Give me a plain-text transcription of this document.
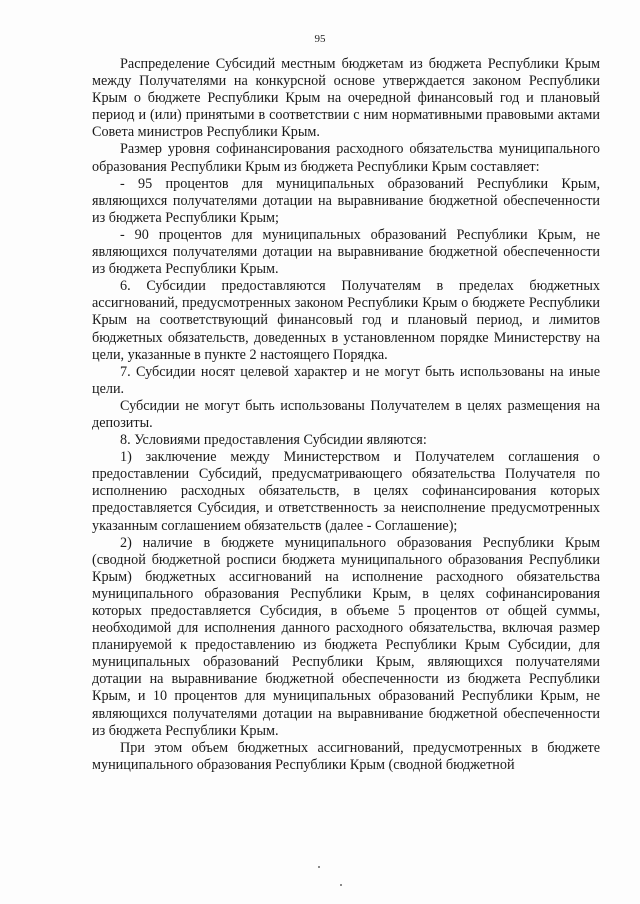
95

Распределение Субсидий местным бюджетам из бюджета Республики Крым между Получателями на конкурсной основе утверждается законом Республики Крым о бюджете Республики Крым на очередной финансовый год и плановый период и (или) принятыми в соответствии с ним нормативными правовыми актами Совета министров Республики Крым.

Размер уровня софинансирования расходного обязательства муниципального образования Республики Крым из бюджета Республики Крым составляет:

- 95 процентов для муниципальных образований Республики Крым, являющихся получателями дотации на выравнивание бюджетной обеспеченности из бюджета Республики Крым;

- 90 процентов для муниципальных образований Республики Крым, не являющихся получателями дотации на выравнивание бюджетной обеспеченности из бюджета Республики Крым.

6. Субсидии предоставляются Получателям в пределах бюджетных ассигнований, предусмотренных законом Республики Крым о бюджете Республики Крым на соответствующий финансовый год и плановый период, и лимитов бюджетных обязательств, доведенных в установленном порядке Министерству на цели, указанные в пункте 2 настоящего Порядка.

7. Субсидии носят целевой характер и не могут быть использованы на иные цели.

Субсидии не могут быть использованы Получателем в целях размещения на депозиты.

8. Условиями предоставления Субсидии являются:

1) заключение между Министерством и Получателем соглашения о предоставлении Субсидий, предусматривающего обязательства Получателя по исполнению расходных обязательств, в целях софинансирования которых предоставляется Субсидия, и ответственность за неисполнение предусмотренных указанным соглашением обязательств (далее - Соглашение);

2) наличие в бюджете муниципального образования Республики Крым (сводной бюджетной росписи бюджета муниципального образования Республики Крым) бюджетных ассигнований на исполнение расходного обязательства муниципального образования Республики Крым, в целях софинансирования которых предоставляется Субсидия, в объеме 5 процентов от общей суммы, необходимой для исполнения данного расходного обязательства, включая размер планируемой к предоставлению из бюджета Республики Крым Субсидии, для муниципальных образований Республики Крым, являющихся получателями дотации на выравнивание бюджетной обеспеченности из бюджета Республики Крым, и 10 процентов для муниципальных образований Республики Крым, не являющихся получателями дотации на выравнивание бюджетной обеспеченности из бюджета Республики Крым.

При этом объем бюджетных ассигнований, предусмотренных в бюджете муниципального образования Республики Крым (сводной бюджетной
